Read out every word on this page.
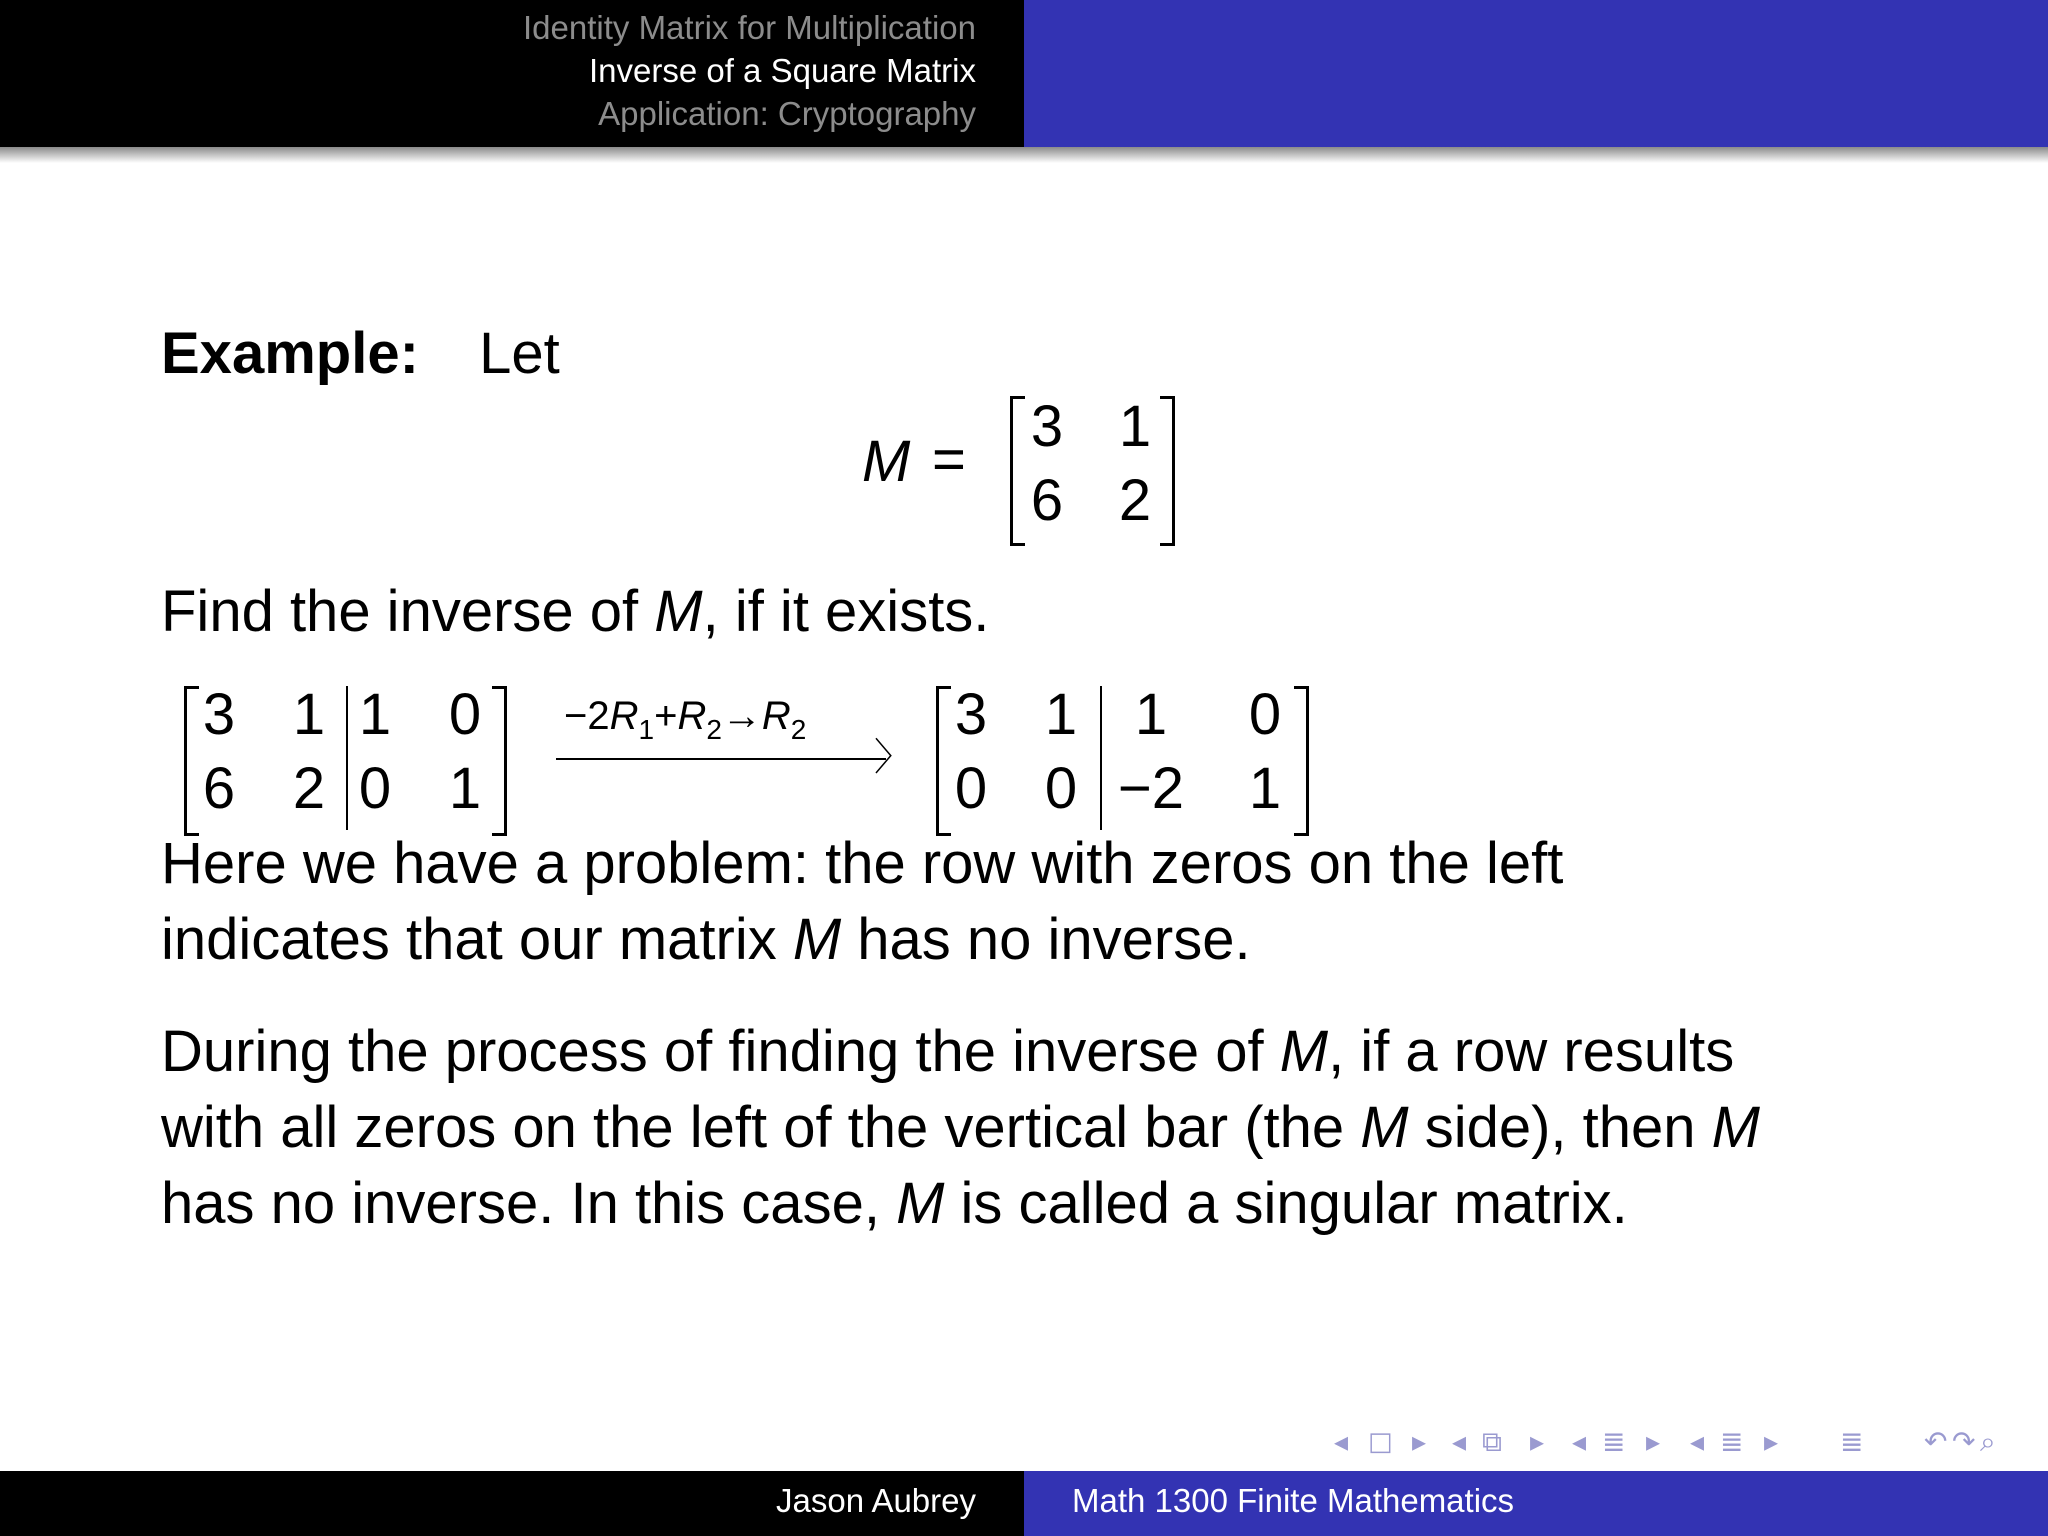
Identity Matrix for Multiplication
Inverse of a Square Matrix
Application: Cryptography
Example: Let
M =
3 1
6 2
Find the inverse of M, if it exists.
3 1
6 2
1 0
0 1
$-2R_1+R_2\to R_2$
〉
3 1
0 0
1	0
−2 1
Here we have a problem: the row with zeros on the left
indicates that our matrix M has no inverse.
During the process of finding the inverse of M, if a row results
with all zeros on the left of the vertical bar (the M side), then M
has no inverse. In this case, M is called a singular matrix.
◂ □ ▸ ◂ ⧉ ▸ ◂ ≣ ▸ ◂ ≣ ▸ ≣ ↶ ↷ ⌕
Jason Aubrey	Math 1300 Finite Mathematics
